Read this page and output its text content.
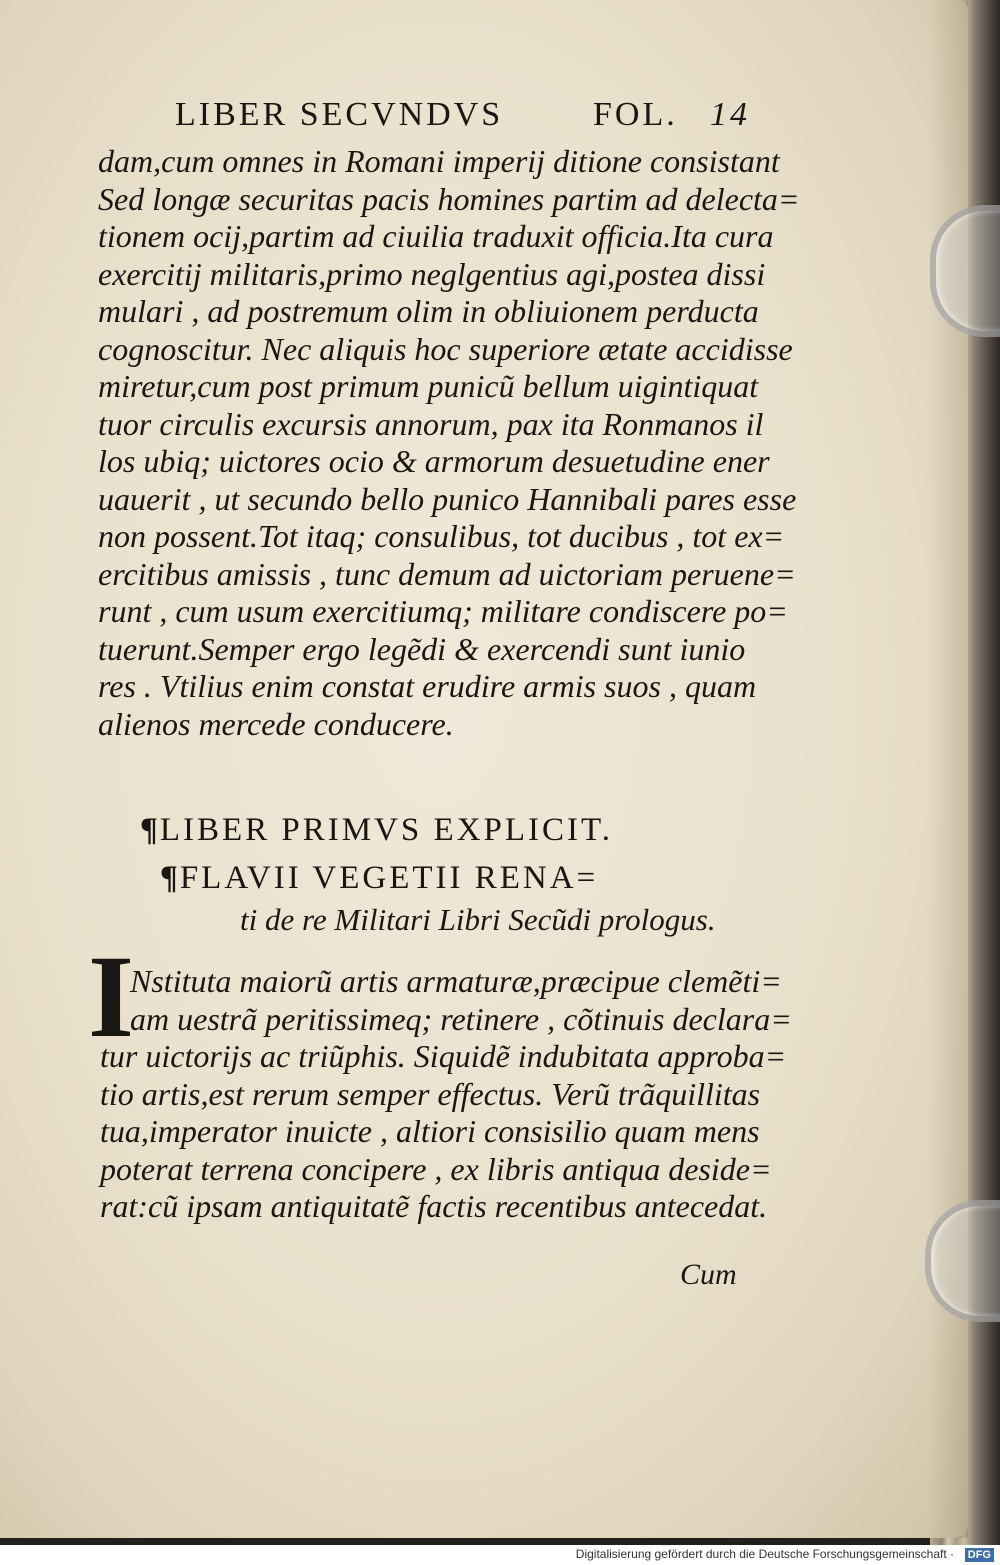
LIBER SECVNDVS	FOL. 14
dam,cum omnes in Romani imperij ditione consistant
Sed longæ securitas pacis homines partim ad delecta=
tionem ocij,partim ad ciuilia traduxit officia.Ita cura
exercitij militaris,primo neglgentius agi,postea dissi
mulari , ad postremum olim in obliuionem perducta
cognoscitur. Nec aliquis hoc superiore ætate accidisse
miretur,cum post primum punicũ bellum uigintiquat
tuor circulis excursis annorum, pax ita Ronmanos il
los ubiq; uictores ocio & armorum desuetudine ener
uauerit , ut secundo bello punico Hannibali pares esse
non possent.Tot itaq; consulibus, tot ducibus , tot ex=
ercitibus amissis , tunc demum ad uictoriam peruene=
runt , cum usum exercitiumq; militare condiscere po=
tuerunt.Semper ergo legẽdi & exercendi sunt iunio
res . Vtilius enim constat erudire armis suos , quam
alienos mercede conducere.
¶LIBER PRIMVS EXPLICIT.
¶FLAVII VEGETII RENA=
ti de re Militari Libri Secũdi prologus.
I
Nstituta maiorũ artis armaturæ,præcipue clemẽti=
am uestrã peritissimeq; retinere , cõtinuis declara=
tur uictorijs ac triũphis. Siquidẽ indubitata approba=
tio artis,est rerum semper effectus. Verũ trãquillitas
tua,imperator inuicte , altiori consisilio quam mens
poterat terrena concipere , ex libris antiqua deside=
rat:cũ ipsam antiquitatẽ factis recentibus antecedat.
Cum
Digitalisierung gefördert durch die Deutsche Forschungsgemeinschaft · DFG
